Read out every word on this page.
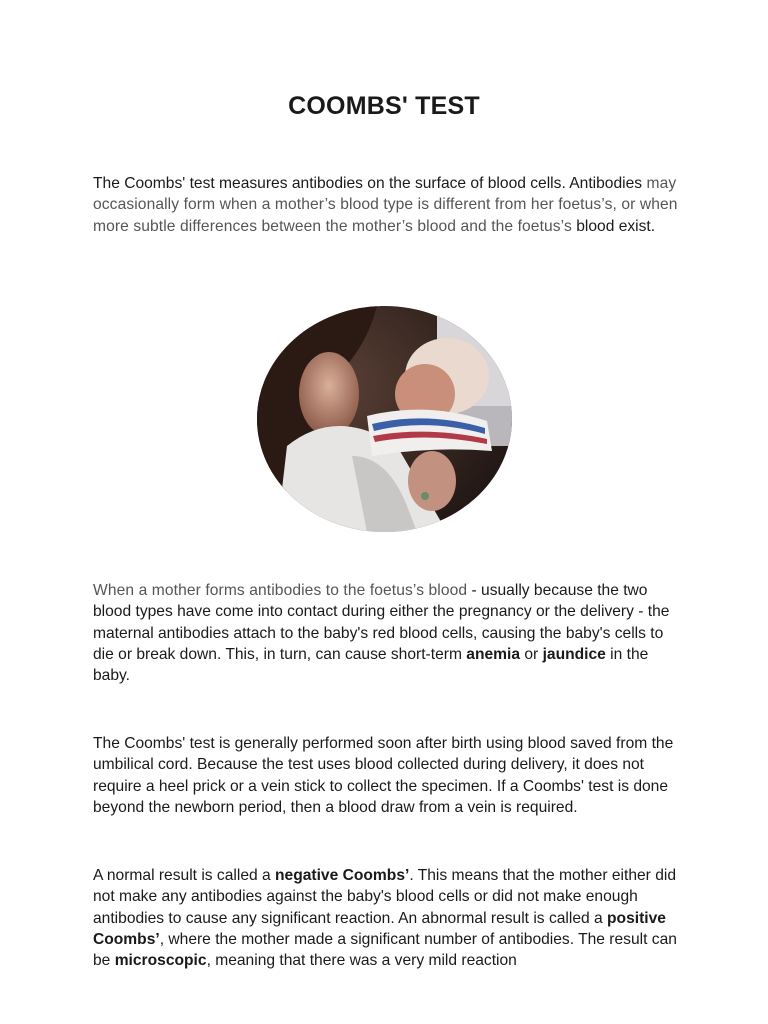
COOMBS' TEST

The Coombs' test measures antibodies on the surface of blood cells. Antibodies may occasionally form when a mother’s blood type is different from her foetus’s, or when more subtle differences between the mother’s blood and the foetus’s blood exist.

When a mother forms antibodies to the foetus’s blood - usually because the two blood types have come into contact during either the pregnancy or the delivery - the maternal antibodies attach to the baby's red blood cells, causing the baby's cells to die or break down. This, in turn, can cause short-term anemia or jaundice in the baby.

The Coombs' test is generally performed soon after birth using blood saved from the umbilical cord. Because the test uses blood collected during delivery, it does not require a heel prick or a vein stick to collect the specimen. If a Coombs' test is done beyond the newborn period, then a blood draw from a vein is required.

A normal result is called a negative Coombs’. This means that the mother either did not make any antibodies against the baby's blood cells or did not make enough antibodies to cause any significant reaction. An abnormal result is called a positive Coombs’, where the mother made a significant number of antibodies. The result can be microscopic, meaning that there was a very mild reaction
